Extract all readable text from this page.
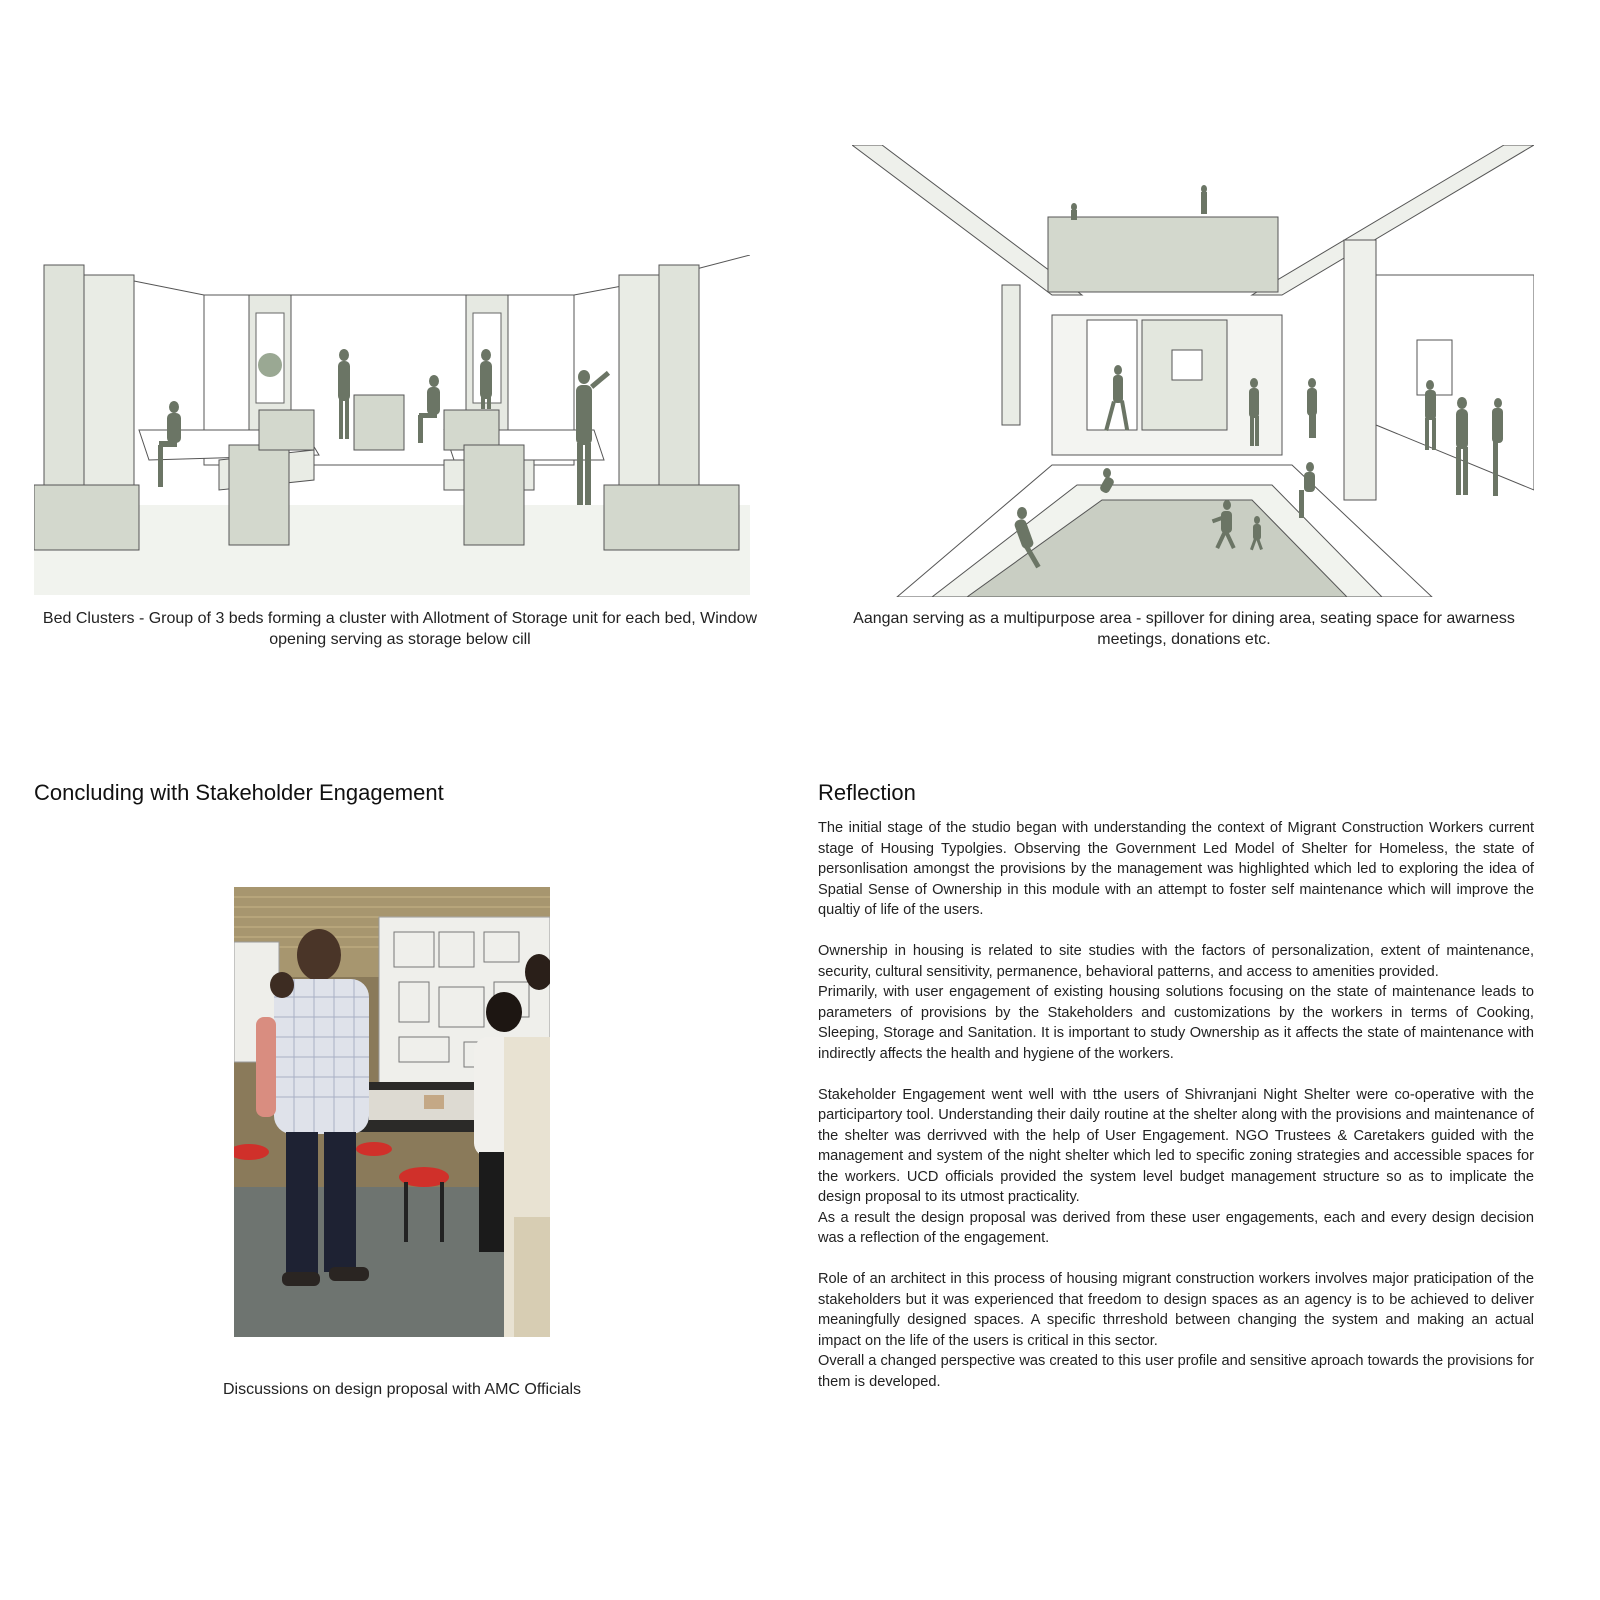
Bed Clusters - Group of 3 beds forming a cluster with Allotment of Storage unit for each bed, Window opening serving as storage below cill
Aangan serving as a multipurpose area - spillover for dining area, seating space for awarness meetings, donations etc.
Concluding with Stakeholder Engagement
Discussions on design proposal with AMC Officials
Reflection

The initial stage of the studio began with understanding the context of Migrant Construction Workers current stage of Housing Typolgies. Observing the Government Led Model of Shelter for Homeless, the state of personlisation amongst the provisions by the management was highlighted which led to exploring the idea of Spatial Sense of Ownership in this module with an attempt to foster self maintenance which will improve the qualtiy of life of the users.

Ownership in housing is related to site studies with the factors of personalization, extent of maintenance, security, cultural sensitivity, permanence, behavioral patterns, and access to amenities provided.

Primarily, with user engagement of existing housing solutions focusing on the state of maintenance leads to parameters of provisions by the Stakeholders and customizations by the workers in terms of Cooking, Sleeping, Storage and Sanitation. It is important to study Ownership as it affects the state of maintenance with indirectly affects the health and hygiene of the workers.

Stakeholder Engagement went well with tthe users of Shivranjani Night Shelter were co-operative with the participartory tool. Understanding their daily routine at the shelter along with the provisions and maintenance of the shelter was derrivved with the help of User Engagement. NGO Trustees & Caretakers guided with the management and system of the night shelter which led to specific zoning strategies and accessible spaces for the workers. UCD officials provided the system level budget management structure so as to implicate the design proposal to its utmost practicality.

As a result the design proposal was derived from these user engagements, each and every design decision was a reflection of the engagement.

Role of an architect in this process of housing migrant construction workers involves major praticipation of the stakeholders but it was experienced that freedom to design spaces as an agency is to be achieved to deliver meaningfully designed spaces. A specific thrreshold between changing the system and making an actual impact on the life of the users is critical in this sector.

Overall a changed perspective was created to this user profile and sensitive aproach towards the provisions for them is developed.
